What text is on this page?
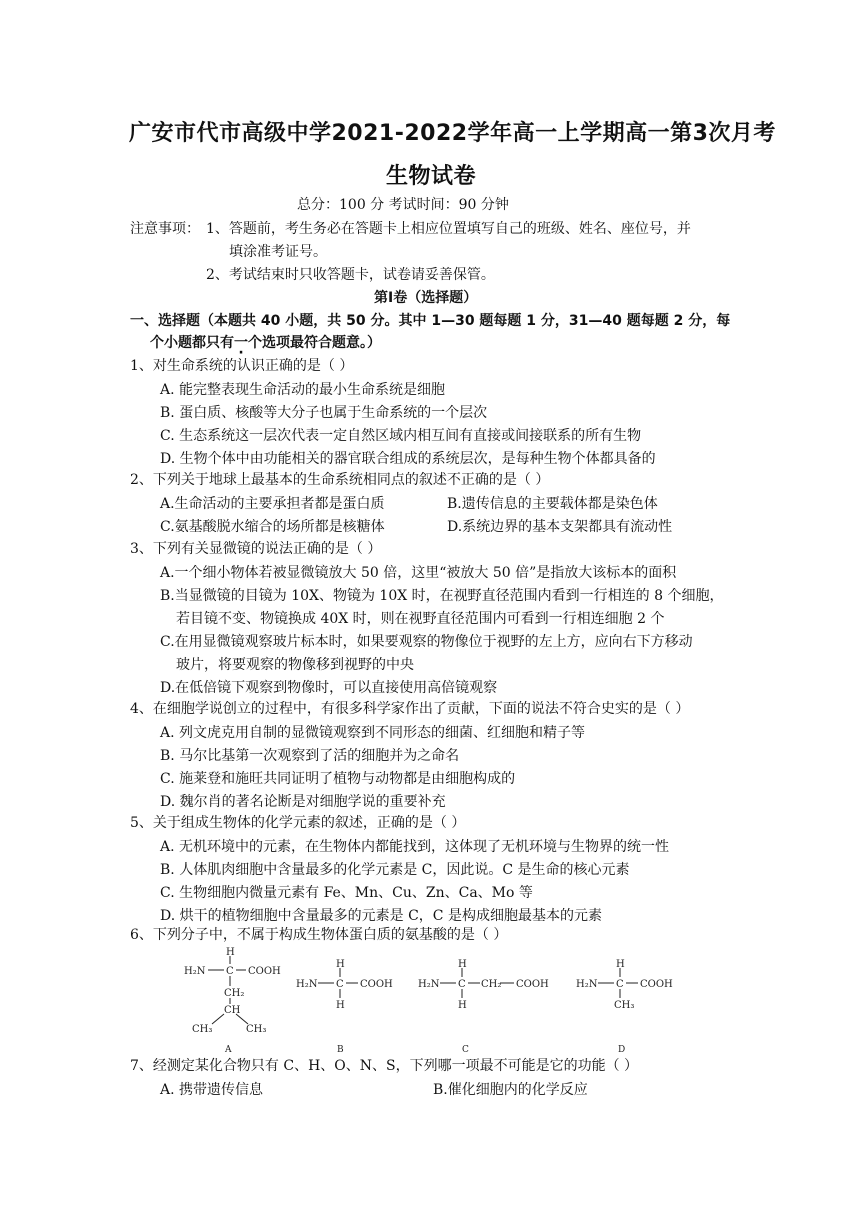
广安市代市高级中学2021-2022学年高一上学期高一第3次月考
生物试卷
总分：100 分 考试时间：90 分钟
注意事项： 1、答题前，考生务必在答题卡上相应位置填写自己的班级、姓名、座位号，并
填涂准考证号。
2、考试结束时只收答题卡，试卷请妥善保管。
第Ⅰ卷（选择题）
一、选择题（本题共 40 小题，共 50 分。其中 1—30 题每题 1 分，31—40 题每题 2 分，每
个小题都只有一个选项最符合题意。）
1、对生命系统的认识正确的是（ ）
A. 能完整表现生命活动的最小生命系统是细胞
B. 蛋白质、核酸等大分子也属于生命系统的一个层次
C. 生态系统这一层次代表一定自然区域内相互间有直接或间接联系的所有生物
D. 生物个体中由功能相关的器官联合组成的系统层次，是每种生物个体都具备的
2、下列关于地球上最基本的生命系统相同点的叙述不正确的是（ ）
A.生命活动的主要承担者都是蛋白质	B.遗传信息的主要载体都是染色体
C.氨基酸脱水缩合的场所都是核糖体	D.系统边界的基本支架都具有流动性
3、下列有关显微镜的说法正确的是（ ）
A.一个细小物体若被显微镜放大 50 倍，这里“被放大 50 倍”是指放大该标本的面积
B.当显微镜的目镜为 10X、物镜为 10X 时，在视野直径范围内看到一行相连的 8 个细胞，
若目镜不变、物镜换成 40X 时，则在视野直径范围内可看到一行相连细胞 2 个
C.在用显微镜观察玻片标本时，如果要观察的物像位于视野的左上方，应向右下方移动
玻片，将要观察的物像移到视野的中央
D.在低倍镜下观察到物像时，可以直接使用高倍镜观察
4、在细胞学说创立的过程中，有很多科学家作出了贡献，下面的说法不符合史实的是（ ）
A. 列文虎克用自制的显微镜观察到不同形态的细菌、红细胞和精子等
B. 马尔比基第一次观察到了活的细胞并为之命名
C. 施莱登和施旺共同证明了植物与动物都是由细胞构成的
D. 魏尔肖的著名论断是对细胞学说的重要补充
5、关于组成生物体的化学元素的叙述，正确的是（ ）
A. 无机环境中的元素，在生物体内都能找到，这体现了无机环境与生物界的统一性
B. 人体肌肉细胞中含量最多的化学元素是 C，因此说。C 是生命的核心元素
C. 生物细胞内微量元素有 Fe、Mn、Cu、Zn、Ca、Mo 等
D. 烘干的植物细胞中含量最多的元素是 C，C 是构成细胞最基本的元素
6、下列分子中，不属于构成生物体蛋白质的氨基酸的是（ ）
H
H₂N C COOH
CH₂
CH
CH₃	CH₃
H
H₂N C COOH
H
H
H₂N C CH₂ COOH
H
H
H₂N C COOH
CH₃
A	B	C	D
7、经测定某化合物只有 C、H、O、N、S，下列哪一项最不可能是它的功能（ ）
A. 携带遗传信息	B.催化细胞内的化学反应
